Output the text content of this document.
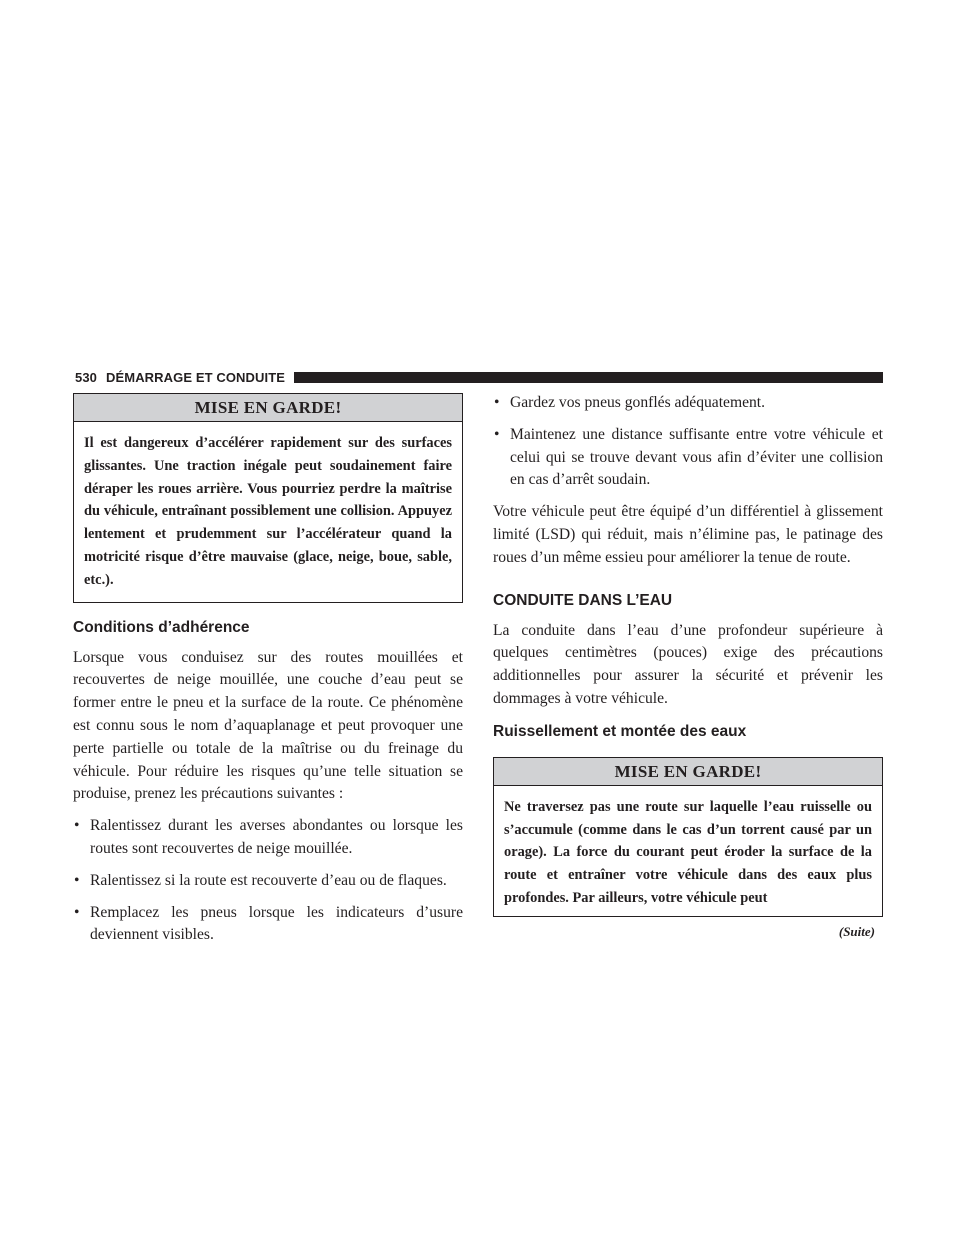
530 DÉMARRAGE ET CONDUITE
MISE EN GARDE!
Il est dangereux d’accélérer rapidement sur des surfaces glissantes. Une traction inégale peut soudainement faire déraper les roues arrière. Vous pourriez perdre la maîtrise du véhicule, entraînant possiblement une collision. Appuyez lentement et prudemment sur l’accélérateur quand la motricité risque d’être mauvaise (glace, neige, boue, sable, etc.).
Conditions d’adhérence

Lorsque vous conduisez sur des routes mouillées et recouvertes de neige mouillée, une couche d’eau peut se former entre le pneu et la surface de la route. Ce phénomène est connu sous le nom d’aquaplanage et peut provoquer une perte partielle ou totale de la maîtrise ou du freinage du véhicule. Pour réduire les risques qu’une telle situation se produise, prenez les précautions suivantes :

• Ralentissez durant les averses abondantes ou lorsque les routes sont recouvertes de neige mouillée.
• Ralentissez si la route est recouverte d’eau ou de flaques.
• Remplacez les pneus lorsque les indicateurs d’usure deviennent visibles.
• Gardez vos pneus gonflés adéquatement.
• Maintenez une distance suffisante entre votre véhicule et celui qui se trouve devant vous afin d’éviter une collision en cas d’arrêt soudain.

Votre véhicule peut être équipé d’un différentiel à glissement limité (LSD) qui réduit, mais n’élimine pas, le patinage des roues d’un même essieu pour améliorer la tenue de route.

CONDUITE DANS L’EAU

La conduite dans l’eau d’une profondeur supérieure à quelques centimètres (pouces) exige des précautions additionnelles pour assurer la sécurité et prévenir les dommages à votre véhicule.

Ruissellement et montée des eaux
MISE EN GARDE!
Ne traversez pas une route sur laquelle l’eau ruisselle ou s’accumule (comme dans le cas d’un torrent causé par un orage). La force du courant peut éroder la surface de la route et entraîner votre véhicule dans des eaux plus profondes. Par ailleurs, votre véhicule peut
(Suite)
